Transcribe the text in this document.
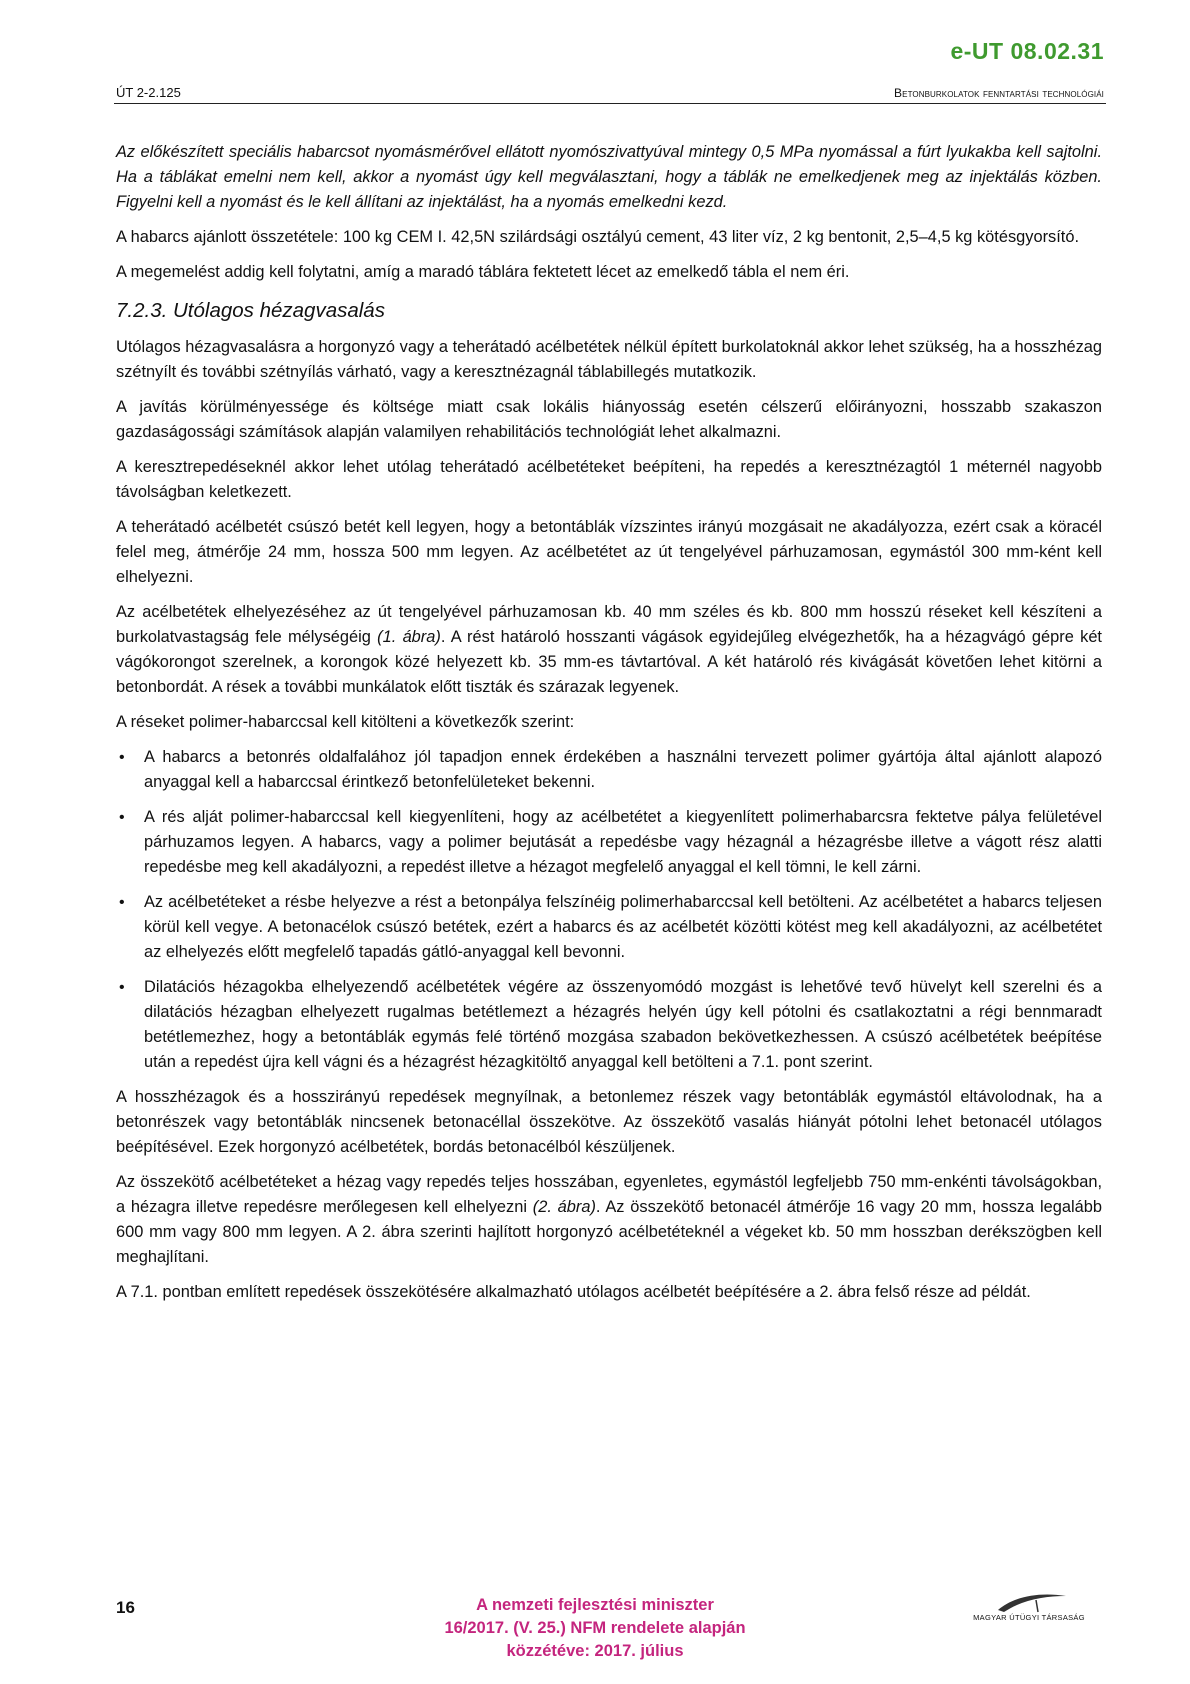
e-UT 08.02.31
ÚT 2-2.125	Betonburkolatok fenntartási technológiái

Az előkészített speciális habarcsot nyomásmérővel ellátott nyomószivattyúval mintegy 0,5 MPa nyomással a fúrt lyukakba kell sajtolni. Ha a táblákat emelni nem kell, akkor a nyomást úgy kell megválasztani, hogy a táblák ne emelkedjenek meg az injektálás közben. Figyelni kell a nyomást és le kell állítani az injektálást, ha a nyomás emelkedni kezd.

A habarcs ajánlott összetétele: 100 kg CEM I. 42,5N szilárdsági osztályú cement, 43 liter víz, 2 kg bentonit, 2,5–4,5 kg kötésgyorsító.

A megemelést addig kell folytatni, amíg a maradó táblára fektetett lécet az emelkedő tábla el nem éri.

7.2.3. Utólagos hézagvasalás

Utólagos hézagvasalásra a horgonyzó vagy a teherátadó acélbetétek nélkül épített burkolatoknál akkor lehet szükség, ha a hosszhézag szétnyílt és további szétnyílás várható, vagy a keresztnézagnál táblabillegés mutatkozik.

A javítás körülményessége és költsége miatt csak lokális hiányosság esetén célszerű előirányozni, hosszabb szakaszon gazdaságossági számítások alapján valamilyen rehabilitációs technológiát lehet alkalmazni.

A keresztrepedéseknél akkor lehet utólag teherátadó acélbetéteket beépíteni, ha repedés a keresztnézagtól 1 méternél nagyobb távolságban keletkezett.

A teherátadó acélbetét csúszó betét kell legyen, hogy a betontáblák vízszintes irányú mozgásait ne akadályozza, ezért csak a köracél felel meg, átmérője 24 mm, hossza 500 mm legyen. Az acélbetétet az út tengelyével párhuzamosan, egymástól 300 mm-ként kell elhelyezni.

Az acélbetétek elhelyezéséhez az út tengelyével párhuzamosan kb. 40 mm széles és kb. 800 mm hosszú réseket kell készíteni a burkolatvastagság fele mélységéig (1. ábra). A rést határoló hosszanti vágások egyidejűleg elvégezhetők, ha a hézagvágó gépre két vágókorongot szerelnek, a korongok közé helyezett kb. 35 mm-es távtartóval. A két határoló rés kivágását követően lehet kitörni a betonbordát. A rések a további munkálatok előtt tiszták és szárazak legyenek.

A réseket polimer-habarccsal kell kitölteni a következők szerint:

• A habarcs a betonrés oldalfalához jól tapadjon ennek érdekében a használni tervezett polimer gyártója által ajánlott alapozó anyaggal kell a habarccsal érintkező betonfelületeket bekenni.
• A rés alját polimer-habarccsal kell kiegyenlíteni, hogy az acélbetétet a kiegyenlített polimerhabarcsra fektetve pálya felületével párhuzamos legyen. A habarcs, vagy a polimer bejutását a repedésbe vagy hézagnál a hézagrésbe illetve a vágott rész alatti repedésbe meg kell akadályozni, a repedést illetve a hézagot megfelelő anyaggal el kell tömni, le kell zárni.
• Az acélbetéteket a résbe helyezve a rést a betonpálya felszínéig polimerhabarccsal kell betölteni. Az acélbetétet a habarcs teljesen körül kell vegye. A betonacélok csúszó betétek, ezért a habarcs és az acélbetét közötti kötést meg kell akadályozni, az acélbetétet az elhelyezés előtt megfelelő tapadás gátló-anyaggal kell bevonni.
• Dilatációs hézagokba elhelyezendő acélbetétek végére az összenyomódó mozgást is lehetővé tevő hüvelyt kell szerelni és a dilatációs hézagban elhelyezett rugalmas betétlemezt a hézagrés helyén úgy kell pótolni és csatlakoztatni a régi bennmaradt betétlemezhez, hogy a betontáblák egymás felé történő mozgása szabadon bekövetkezhessen. A csúszó acélbetétek beépítése után a repedést újra kell vágni és a hézagrést hézagkitöltő anyaggal kell betölteni a 7.1. pont szerint.

A hosszhézagok és a hosszirányú repedések megnyílnak, a betonlemez részek vagy betontáblák egymástól eltávolodnak, ha a betonrészek vagy betontáblák nincsenek betonacéllal összekötve. Az összekötő vasalás hiányát pótolni lehet betonacél utólagos beépítésével. Ezek horgonyzó acélbetétek, bordás betonacélból készüljenek.

Az összekötő acélbetéteket a hézag vagy repedés teljes hosszában, egyenletes, egymástól legfeljebb 750 mm-enkénti távolságokban, a hézagra illetve repedésre merőlegesen kell elhelyezni (2. ábra). Az összekötő betonacél átmérője 16 vagy 20 mm, hossza legalább 600 mm vagy 800 mm legyen. A 2. ábra szerinti hajlított horgonyzó acélbetéteknél a végeket kb. 50 mm hosszban derékszögben kell meghajlítani.

A 7.1. pontban említett repedések összekötésére alkalmazható utólagos acélbetét beépítésére a 2. ábra felső része ad példát.

16	A nemzeti fejlesztési miniszter
16/2017. (V. 25.) NFM rendelete alapján
közzétéve: 2017. július
MAGYAR ÚTÜGYI TÁRSASÁG
